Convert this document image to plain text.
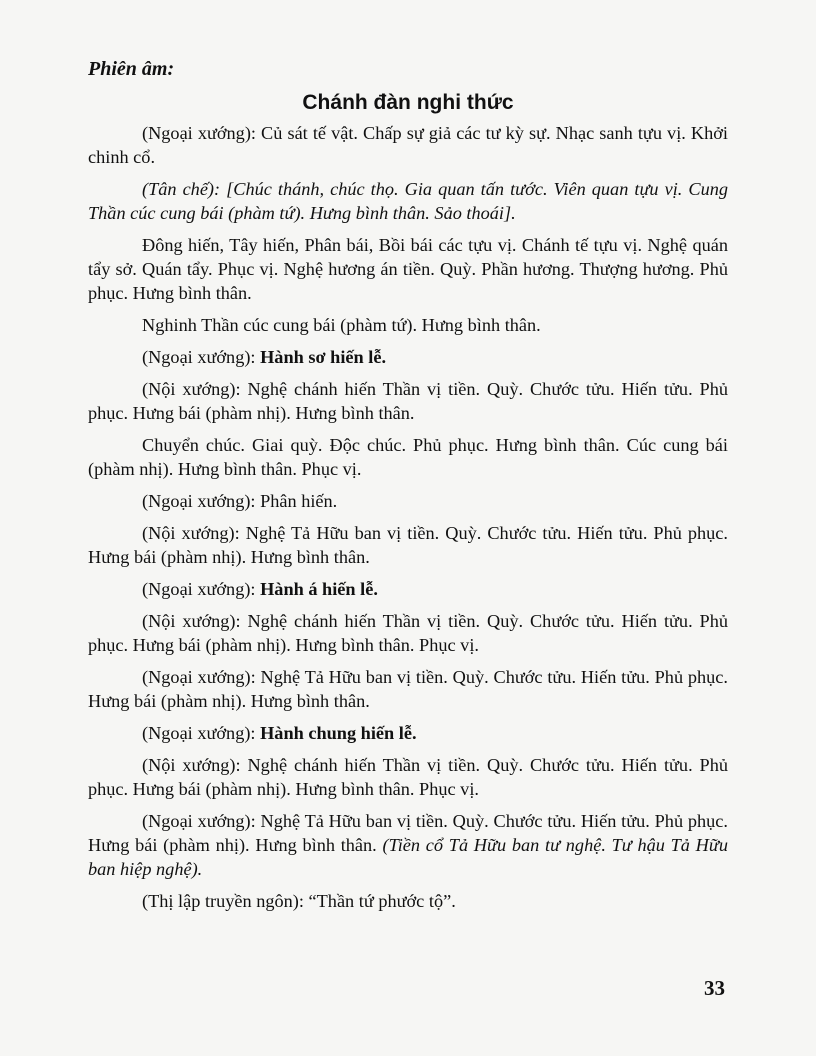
Phiên âm:
Chánh đàn nghi thức

(Ngoại xướng): Củ sát tế vật. Chấp sự giả các tư kỳ sự. Nhạc sanh tựu vị. Khởi chinh cổ.

(Tân chế): [Chúc thánh, chúc thọ. Gia quan tấn tước. Viên quan tựu vị. Cung Thần cúc cung bái (phàm tứ). Hưng bình thân. Sảo thoái].

Đông hiến, Tây hiến, Phân bái, Bồi bái các tựu vị. Chánh tế tựu vị. Nghệ quán tẩy sở. Quán tẩy. Phục vị. Nghệ hương án tiền. Quỳ. Phần hương. Thượng hương. Phủ phục. Hưng bình thân.

Nghinh Thần cúc cung bái (phàm tứ). Hưng bình thân.

(Ngoại xướng): Hành sơ hiến lễ.

(Nội xướng): Nghệ chánh hiến Thần vị tiền. Quỳ. Chước tửu. Hiến tửu. Phủ phục. Hưng bái (phàm nhị). Hưng bình thân.

Chuyển chúc. Giai quỳ. Độc chúc. Phủ phục. Hưng bình thân. Cúc cung bái (phàm nhị). Hưng bình thân. Phục vị.

(Ngoại xướng): Phân hiến.

(Nội xướng): Nghệ Tả Hữu ban vị tiền. Quỳ. Chước tửu. Hiến tửu. Phủ phục. Hưng bái (phàm nhị). Hưng bình thân.

(Ngoại xướng): Hành á hiến lễ.

(Nội xướng): Nghệ chánh hiến Thần vị tiền. Quỳ. Chước tửu. Hiến tửu. Phủ phục. Hưng bái (phàm nhị). Hưng bình thân. Phục vị.

(Ngoại xướng): Nghệ Tả Hữu ban vị tiền. Quỳ. Chước tửu. Hiến tửu. Phủ phục. Hưng bái (phàm nhị). Hưng bình thân.

(Ngoại xướng): Hành chung hiến lễ.

(Nội xướng): Nghệ chánh hiến Thần vị tiền. Quỳ. Chước tửu. Hiến tửu. Phủ phục. Hưng bái (phàm nhị). Hưng bình thân. Phục vị.

(Ngoại xướng): Nghệ Tả Hữu ban vị tiền. Quỳ. Chước tửu. Hiến tửu. Phủ phục. Hưng bái (phàm nhị). Hưng bình thân. (Tiền cổ Tả Hữu ban tư nghệ. Tư hậu Tả Hữu ban hiệp nghệ).

(Thị lập truyền ngôn): “Thần tứ phước tộ”.

33
